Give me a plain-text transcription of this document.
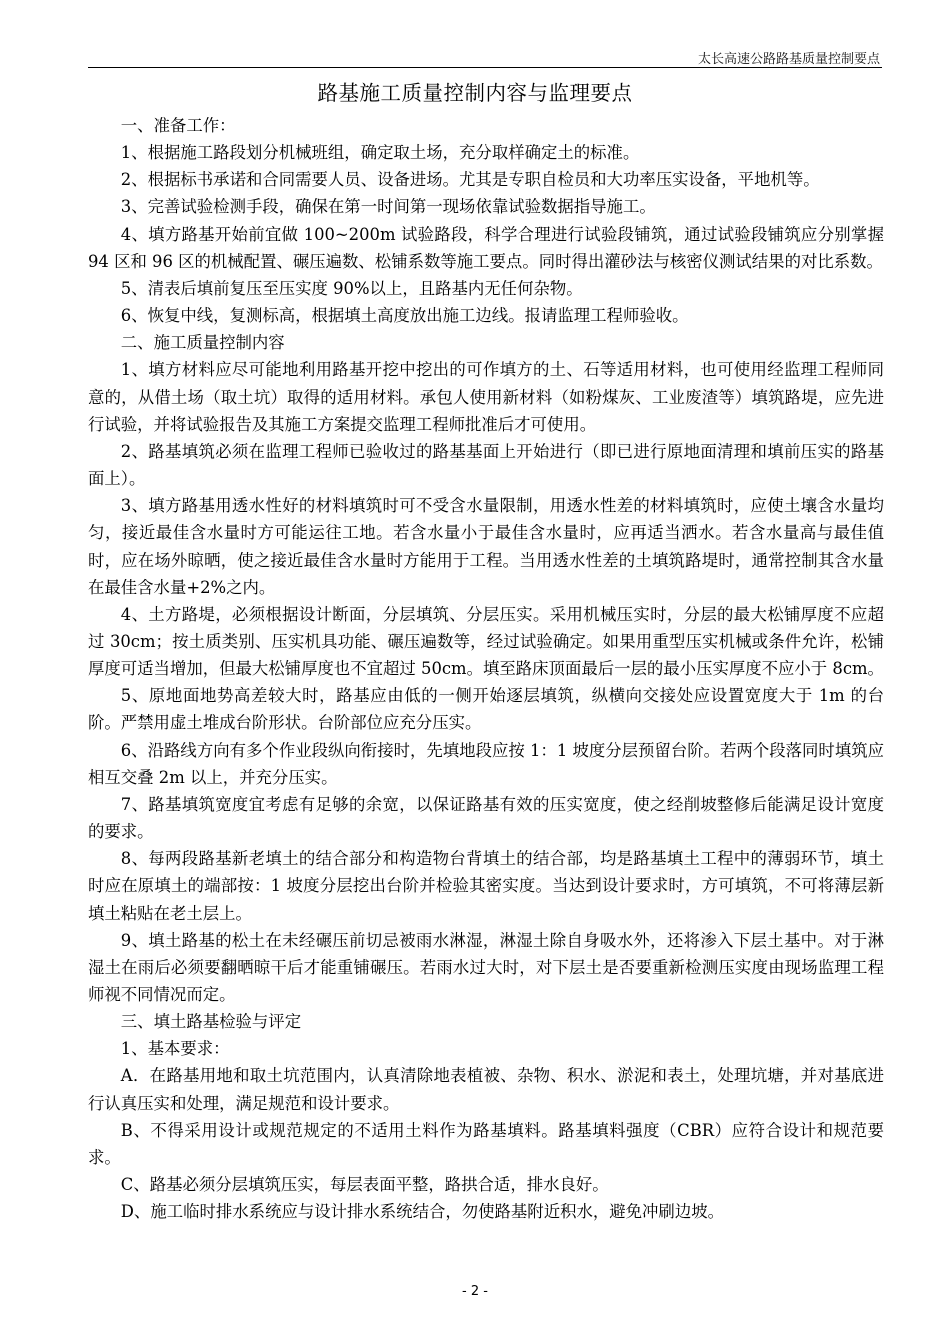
太长高速公路路基质量控制要点
路基施工质量控制内容与监理要点

一、准备工作：

1、根据施工路段划分机械班组，确定取土场，充分取样确定土的标准。

2、根据标书承诺和合同需要人员、设备进场。尤其是专职自检员和大功率压实设备，平地机等。

3、完善试验检测手段，确保在第一时间第一现场依靠试验数据指导施工。

4、填方路基开始前宜做 100~200m 试验路段，科学合理进行试验段铺筑，通过试验段铺筑应分别掌握 94 区和 96 区的机械配置、碾压遍数、松铺系数等施工要点。同时得出灌砂法与核密仪测试结果的对比系数。

5、清表后填前复压至压实度 90%以上，且路基内无任何杂物。

6、恢复中线，复测标高，根据填土高度放出施工边线。报请监理工程师验收。

二、施工质量控制内容

1、填方材料应尽可能地利用路基开挖中挖出的可作填方的土、石等适用材料，也可使用经监理工程师同意的，从借土场（取土坑）取得的适用材料。承包人使用新材料（如粉煤灰、工业废渣等）填筑路堤，应先进行试验，并将试验报告及其施工方案提交监理工程师批准后才可使用。

2、路基填筑必须在监理工程师已验收过的路基基面上开始进行（即已进行原地面清理和填前压实的路基面上）。

3、填方路基用透水性好的材料填筑时可不受含水量限制，用透水性差的材料填筑时，应使土壤含水量均匀，接近最佳含水量时方可能运往工地。若含水量小于最佳含水量时，应再适当洒水。若含水量高与最佳值时，应在场外晾晒，使之接近最佳含水量时方能用于工程。当用透水性差的土填筑路堤时，通常控制其含水量在最佳含水量+2%之内。

4、土方路堤，必须根据设计断面，分层填筑、分层压实。采用机械压实时，分层的最大松铺厚度不应超过 30cm；按土质类别、压实机具功能、碾压遍数等，经过试验确定。如果用重型压实机械或条件允许，松铺厚度可适当增加，但最大松铺厚度也不宜超过 50cm。填至路床顶面最后一层的最小压实厚度不应小于 8cm。

5、原地面地势高差较大时，路基应由低的一侧开始逐层填筑，纵横向交接处应设置宽度大于 1m 的台阶。严禁用虚土堆成台阶形状。台阶部位应充分压实。

6、沿路线方向有多个作业段纵向衔接时，先填地段应按 1：1 坡度分层预留台阶。若两个段落同时填筑应相互交叠 2m 以上，并充分压实。

7、路基填筑宽度宜考虑有足够的余宽，以保证路基有效的压实宽度，使之经削坡整修后能满足设计宽度的要求。

8、每两段路基新老填土的结合部分和构造物台背填土的结合部，均是路基填土工程中的薄弱环节，填土时应在原填土的端部按：1 坡度分层挖出台阶并检验其密实度。当达到设计要求时，方可填筑，不可将薄层新填土粘贴在老土层上。

9、填土路基的松土在未经碾压前切忌被雨水淋湿，淋湿土除自身吸水外，还将渗入下层土基中。对于淋湿土在雨后必须要翻晒晾干后才能重铺碾压。若雨水过大时，对下层土是否要重新检测压实度由现场监理工程师视不同情况而定。

三、填土路基检验与评定

1、基本要求：

A．在路基用地和取土坑范围内，认真清除地表植被、杂物、积水、淤泥和表土，处理坑塘，并对基底进行认真压实和处理，满足规范和设计要求。

B、不得采用设计或规范规定的不适用土料作为路基填料。路基填料强度（CBR）应符合设计和规范要求。

C、路基必须分层填筑压实，每层表面平整，路拱合适，排水良好。

D、施工临时排水系统应与设计排水系统结合，勿使路基附近积水，避免冲刷边坡。

- 2 -
